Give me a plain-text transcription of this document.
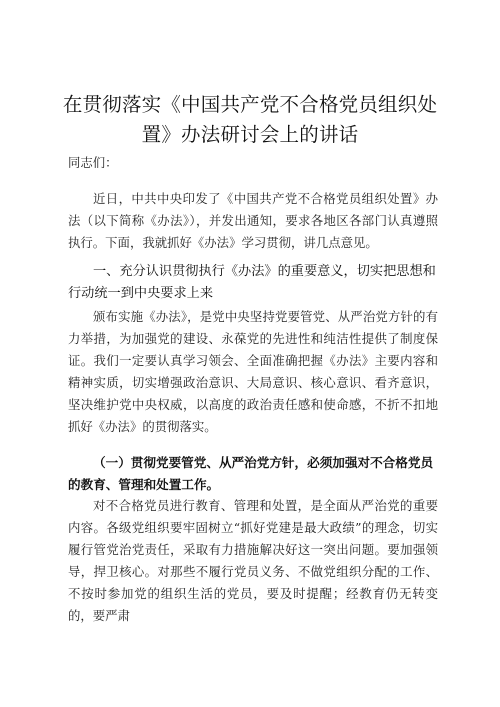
在贯彻落实《中国共产党不合格党员组织处置》办法研讨会上的讲话
同志们：
近日，中共中央印发了《中国共产党不合格党员组织处置》办法（以下简称《办法》），并发出通知，要求各地区各部门认真遵照执行。下面，我就抓好《办法》学习贯彻，讲几点意见。
一、充分认识贯彻执行《办法》的重要意义，切实把思想和行动统一到中央要求上来
颁布实施《办法》，是党中央坚持党要管党、从严治党方针的有力举措，为加强党的建设、永葆党的先进性和纯洁性提供了制度保证。我们一定要认真学习领会、全面准确把握《办法》主要内容和精神实质，切实增强政治意识、大局意识、核心意识、看齐意识，坚决维护党中央权威，以高度的政治责任感和使命感，不折不扣地抓好《办法》的贯彻落实。
（一）贯彻党要管党、从严治党方针，必须加强对不合格党员的教育、管理和处置工作。
对不合格党员进行教育、管理和处置，是全面从严治党的重要内容。各级党组织要牢固树立“抓好党建是最大政绩”的理念，切实履行管党治党责任，采取有力措施解决好这一突出问题。要加强领导，捍卫核心。对那些不履行党员义务、不做党组织分配的工作、不按时参加党的组织生活的党员，要及时提醒；经教育仍无转变的，要严肃
